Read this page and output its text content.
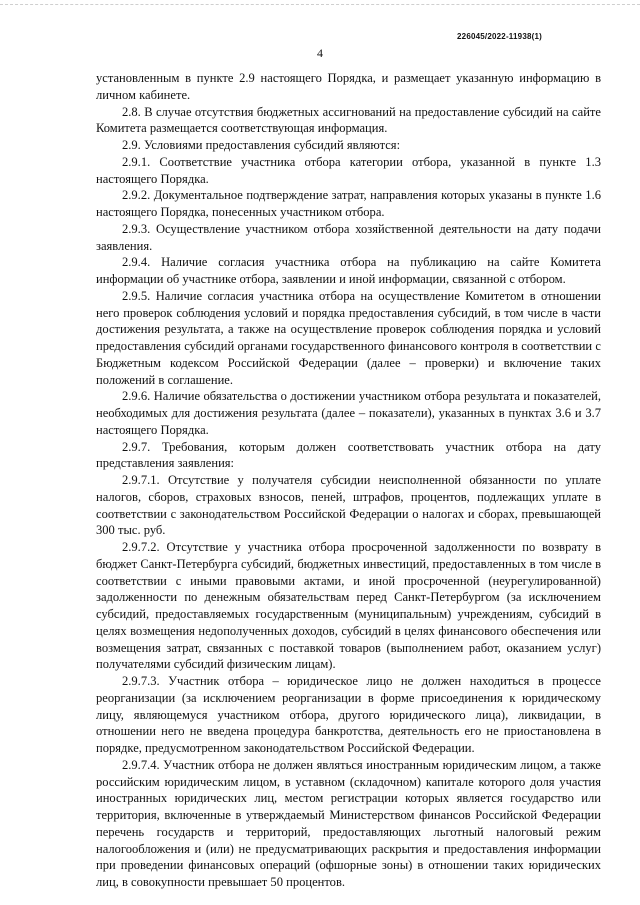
226045/2022-11938(1)
4

установленным в пункте 2.9 настоящего Порядка, и размещает указанную информацию в личном кабинете.

2.8. В случае отсутствия бюджетных ассигнований на предоставление субсидий на сайте Комитета размещается соответствующая информация.

2.9. Условиями предоставления субсидий являются:

2.9.1. Соответствие участника отбора категории отбора, указанной в пункте 1.3 настоящего Порядка.

2.9.2. Документальное подтверждение затрат, направления которых указаны в пункте 1.6 настоящего Порядка, понесенных участником отбора.

2.9.3. Осуществление участником отбора хозяйственной деятельности на дату подачи заявления.

2.9.4. Наличие согласия участника отбора на публикацию на сайте Комитета информации об участнике отбора, заявлении и иной информации, связанной с отбором.

2.9.5. Наличие согласия участника отбора на осуществление Комитетом в отношении него проверок соблюдения условий и порядка предоставления субсидий, в том числе в части достижения результата, а также на осуществление проверок соблюдения порядка и условий предоставления субсидий органами государственного финансового контроля в соответствии с Бюджетным кодексом Российской Федерации (далее – проверки) и включение таких положений в соглашение.

2.9.6. Наличие обязательства о достижении участником отбора результата и показателей, необходимых для достижения результата (далее – показатели), указанных в пунктах 3.6 и 3.7 настоящего Порядка.

2.9.7. Требования, которым должен соответствовать участник отбора на дату представления заявления:

2.9.7.1. Отсутствие у получателя субсидии неисполненной обязанности по уплате налогов, сборов, страховых взносов, пеней, штрафов, процентов, подлежащих уплате в соответствии с законодательством Российской Федерации о налогах и сборах, превышающей 300 тыс. руб.

2.9.7.2. Отсутствие у участника отбора просроченной задолженности по возврату в бюджет Санкт-Петербурга субсидий, бюджетных инвестиций, предоставленных в том числе в соответствии с иными правовыми актами, и иной просроченной (неурегулированной) задолженности по денежным обязательствам перед Санкт-Петербургом (за исключением субсидий, предоставляемых государственным (муниципальным) учреждениям, субсидий в целях возмещения недополученных доходов, субсидий в целях финансового обеспечения или возмещения затрат, связанных с поставкой товаров (выполнением работ, оказанием услуг) получателями субсидий физическим лицам).

2.9.7.3. Участник отбора – юридическое лицо не должен находиться в процессе реорганизации (за исключением реорганизации в форме присоединения к юридическому лицу, являющемуся участником отбора, другого юридического лица), ликвидации, в отношении него не введена процедура банкротства, деятельность его не приостановлена в порядке, предусмотренном законодательством Российской Федерации.

2.9.7.4. Участник отбора не должен являться иностранным юридическим лицом, а также российским юридическим лицом, в уставном (складочном) капитале которого доля участия иностранных юридических лиц, местом регистрации которых является государство или территория, включенные в утверждаемый Министерством финансов Российской Федерации перечень государств и территорий, предоставляющих льготный налоговый режим налогообложения и (или) не предусматривающих раскрытия и предоставления информации при проведении финансовых операций (офшорные зоны) в отношении таких юридических лиц, в совокупности превышает 50 процентов.
